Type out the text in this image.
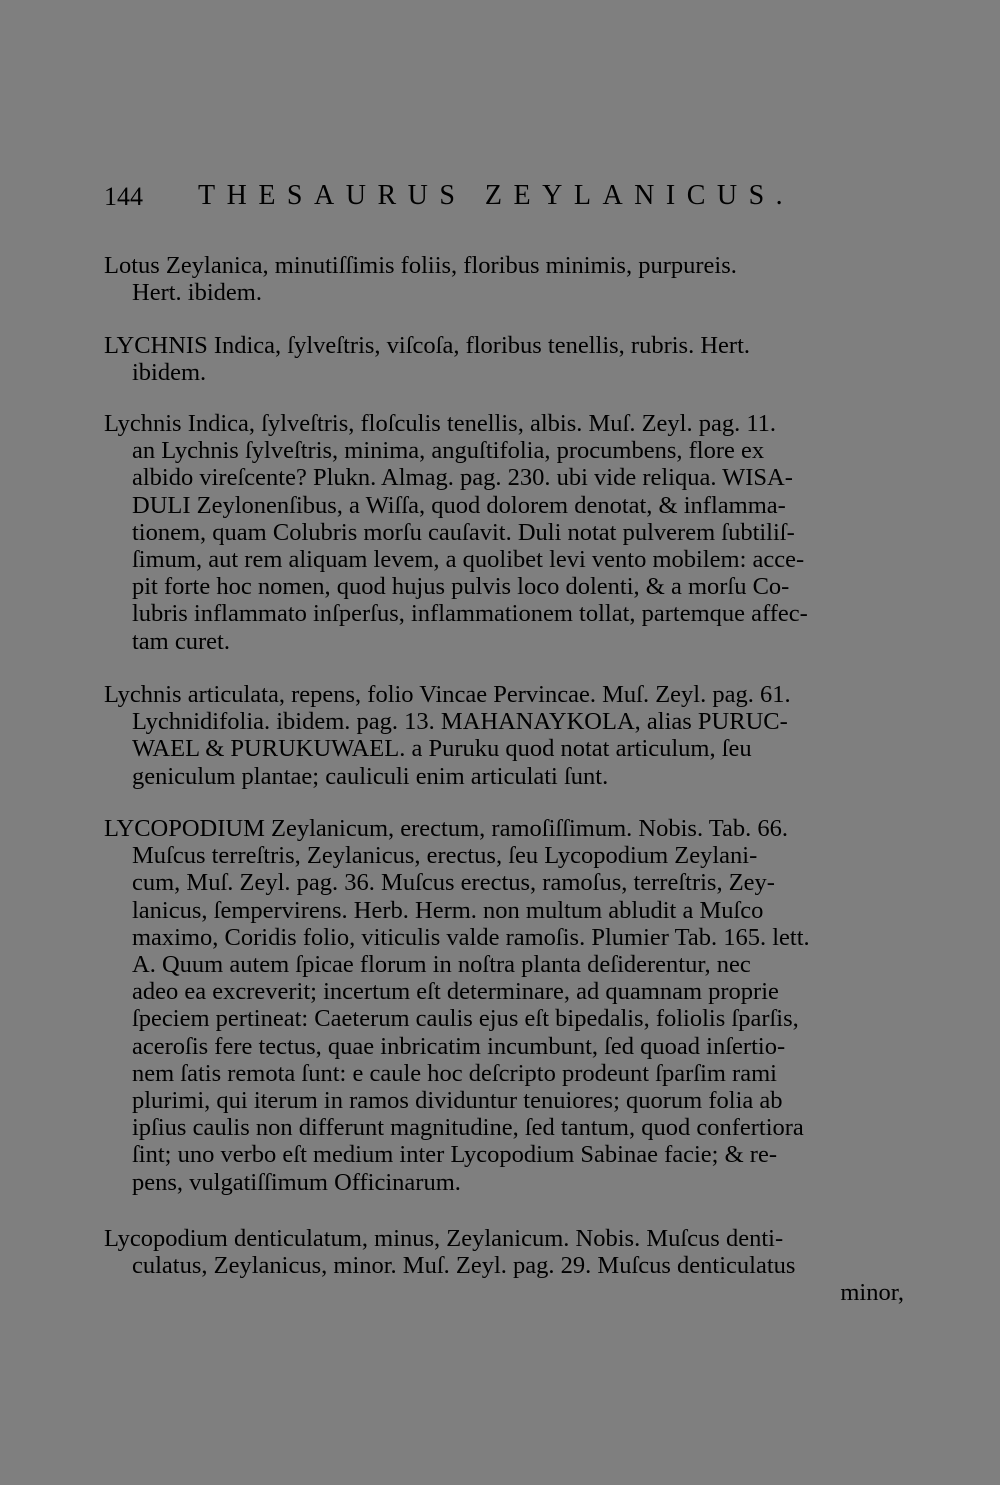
144 THESAURUS ZEYLANICUS.
Lotus Zeylanica, minutiſſimis foliis, floribus minimis, purpureis.
Hert. ibidem.
LYCHNIS Indica, ſylveſtris, viſcoſa, floribus tenellis, rubris. Hert.
ibidem.
Lychnis Indica, ſylveſtris, floſculis tenellis, albis. Muſ. Zeyl. pag. 11.
an Lychnis ſylveſtris, minima, anguſtifolia, procumbens, flore ex
albido vireſcente? Plukn. Almag. pag. 230. ubi vide reliqua. WISA-
DULI Zeylonenſibus, a Wiſſa, quod dolorem denotat, & inflamma-
tionem, quam Colubris morſu cauſavit. Duli notat pulverem ſubtiliſ-
ſimum, aut rem aliquam levem, a quolibet levi vento mobilem: acce-
pit forte hoc nomen, quod hujus pulvis loco dolenti, & a morſu Co-
lubris inflammato inſperſus, inflammationem tollat, partemque affec-
tam curet.
Lychnis articulata, repens, folio Vincae Pervincae. Muſ. Zeyl. pag. 61.
Lychnidifolia. ibidem. pag. 13. MAHANAYKOLA, alias PURUC-
WAEL & PURUKUWAEL. a Puruku quod notat articulum, ſeu
geniculum plantae; cauliculi enim articulati ſunt.
LYCOPODIUM Zeylanicum, erectum, ramoſiſſimum. Nobis. Tab. 66.
Muſcus terreſtris, Zeylanicus, erectus, ſeu Lycopodium Zeylani-
cum, Muſ. Zeyl. pag. 36. Muſcus erectus, ramoſus, terreſtris, Zey-
lanicus, ſempervirens. Herb. Herm. non multum abludit a Muſco
maximo, Coridis folio, viticulis valde ramoſis. Plumier Tab. 165. lett.
A. Quum autem ſpicae florum in noſtra planta deſiderentur, nec
adeo ea excreverit; incertum eſt determinare, ad quamnam proprie
ſpeciem pertineat: Caeterum caulis ejus eſt bipedalis, foliolis ſparſis,
aceroſis fere tectus, quae inbricatim incumbunt, ſed quoad inſertio-
nem ſatis remota ſunt: e caule hoc deſcripto prodeunt ſparſim rami
plurimi, qui iterum in ramos dividuntur tenuiores; quorum folia ab
ipſius caulis non differunt magnitudine, ſed tantum, quod confertiora
ſint; uno verbo eſt medium inter Lycopodium Sabinae facie; & re-
pens, vulgatiſſimum Officinarum.
Lycopodium denticulatum, minus, Zeylanicum. Nobis. Muſcus denti-
culatus, Zeylanicus, minor. Muſ. Zeyl. pag. 29. Muſcus denticulatus
minor,
